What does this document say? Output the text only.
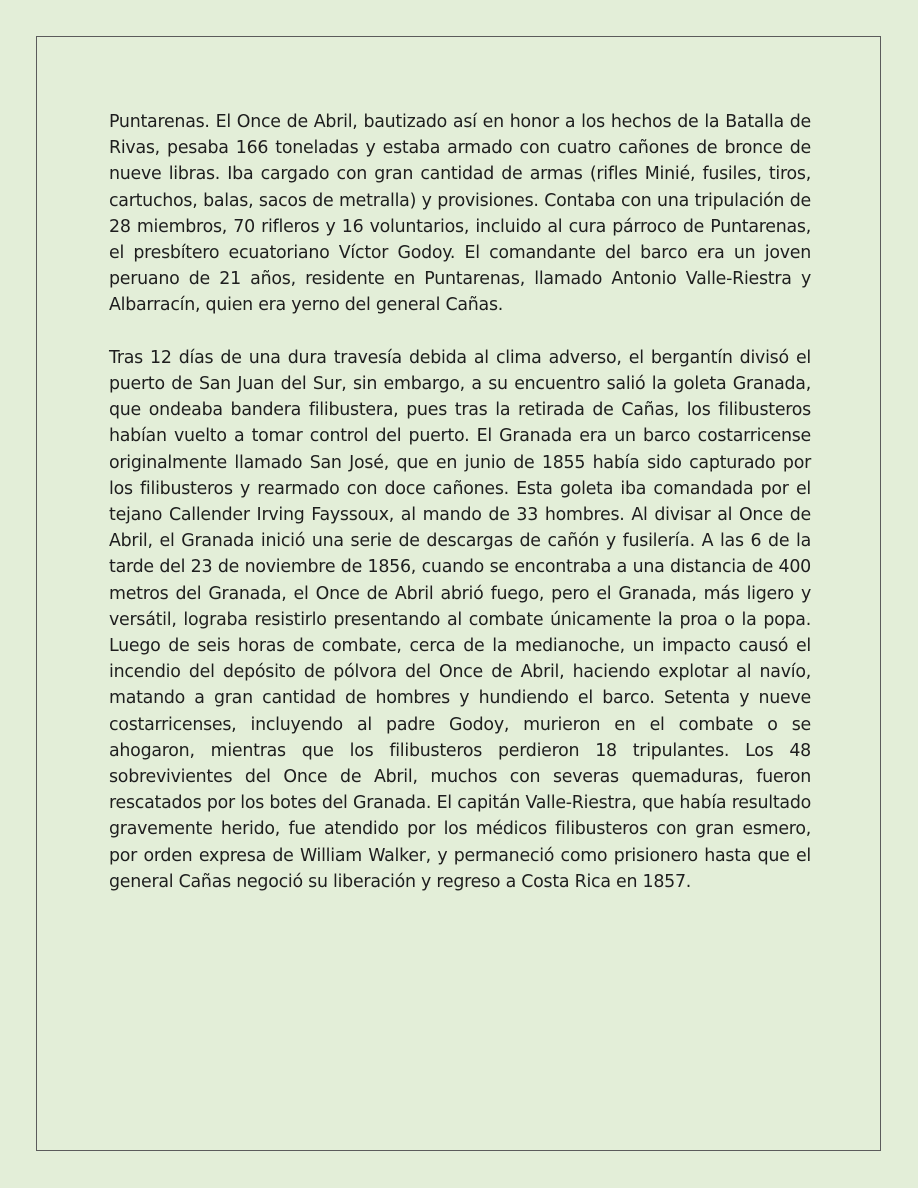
Puntarenas. El Once de Abril, bautizado así en honor a los hechos de la Batalla de Rivas, pesaba 166 toneladas y estaba armado con cuatro cañones de bronce de nueve libras. Iba cargado con gran cantidad de armas (rifles Minié, fusiles, tiros, cartuchos, balas, sacos de metralla) y provisiones. Contaba con una tripulación de 28 miembros, 70 rifleros y 16 voluntarios, incluido al cura párroco de Puntarenas, el presbítero ecuatoriano Víctor Godoy. El comandante del barco era un joven peruano de 21 años, residente en Puntarenas, llamado Antonio Valle-Riestra y Albarracín, quien era yerno del general Cañas.

Tras 12 días de una dura travesía debida al clima adverso, el bergantín divisó el puerto de San Juan del Sur, sin embargo, a su encuentro salió la goleta Granada, que ondeaba bandera filibustera, pues tras la retirada de Cañas, los filibusteros habían vuelto a tomar control del puerto. El Granada era un barco costarricense originalmente llamado San José, que en junio de 1855 había sido capturado por los filibusteros y rearmado con doce cañones. Esta goleta iba comandada por el tejano Callender Irving Fayssoux, al mando de 33 hombres. Al divisar al Once de Abril, el Granada inició una serie de descargas de cañón y fusilería. A las 6 de la tarde del 23 de noviembre de 1856, cuando se encontraba a una distancia de 400 metros del Granada, el Once de Abril abrió fuego, pero el Granada, más ligero y versátil, lograba resistirlo presentando al combate únicamente la proa o la popa. Luego de seis horas de combate, cerca de la medianoche, un impacto causó el incendio del depósito de pólvora del Once de Abril, haciendo explotar al navío, matando a gran cantidad de hombres y hundiendo el barco. Setenta y nueve costarricenses, incluyendo al padre Godoy, murieron en el combate o se ahogaron, mientras que los filibusteros perdieron 18 tripulantes. Los 48 sobrevivientes del Once de Abril, muchos con severas quemaduras, fueron rescatados por los botes del Granada. El capitán Valle-Riestra, que había resultado gravemente herido, fue atendido por los médicos filibusteros con gran esmero, por orden expresa de William Walker, y permaneció como prisionero hasta que el general Cañas negoció su liberación y regreso a Costa Rica en 1857.
